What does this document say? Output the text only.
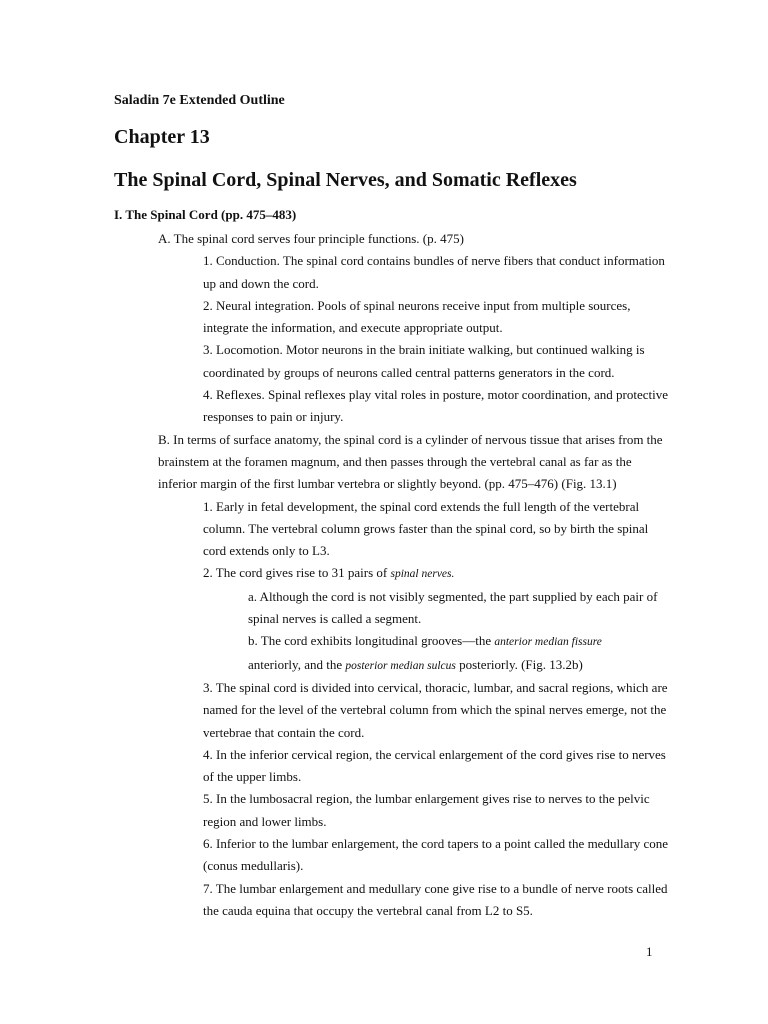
Saladin 7e Extended Outline
Chapter 13
The Spinal Cord, Spinal Nerves, and Somatic Reflexes
I. The Spinal Cord (pp. 475–483)
A. The spinal cord serves four principle functions. (p. 475)
1. Conduction. The spinal cord contains bundles of nerve fibers that conduct information
up and down the cord.
2. Neural integration. Pools of spinal neurons receive input from multiple sources,
integrate the information, and execute appropriate output.
3. Locomotion. Motor neurons in the brain initiate walking, but continued walking is
coordinated by groups of neurons called central patterns generators in the cord.
4. Reflexes. Spinal reflexes play vital roles in posture, motor coordination, and protective
responses to pain or injury.
B. In terms of surface anatomy, the spinal cord is a cylinder of nervous tissue that arises from the
brainstem at the foramen magnum, and then passes through the vertebral canal as far as the
inferior margin of the first lumbar vertebra or slightly beyond. (pp. 475–476) (Fig. 13.1)
1. Early in fetal development, the spinal cord extends the full length of the vertebral
column. The vertebral column grows faster than the spinal cord, so by birth the spinal
cord extends only to L3.
2. The cord gives rise to 31 pairs of spinal nerves.
a. Although the cord is not visibly segmented, the part supplied by each pair of
spinal nerves is called a segment.
b. The cord exhibits longitudinal grooves—the anterior median fissure
anteriorly, and the posterior median sulcus posteriorly. (Fig. 13.2b)
3. The spinal cord is divided into cervical, thoracic, lumbar, and sacral regions, which are
named for the level of the vertebral column from which the spinal nerves emerge, not the
vertebrae that contain the cord.
4. In the inferior cervical region, the cervical enlargement of the cord gives rise to nerves
of the upper limbs.
5. In the lumbosacral region, the lumbar enlargement gives rise to nerves to the pelvic
region and lower limbs.
6. Inferior to the lumbar enlargement, the cord tapers to a point called the medullary cone
(conus medullaris).
7. The lumbar enlargement and medullary cone give rise to a bundle of nerve roots called
the cauda equina that occupy the vertebral canal from L2 to S5.
1
